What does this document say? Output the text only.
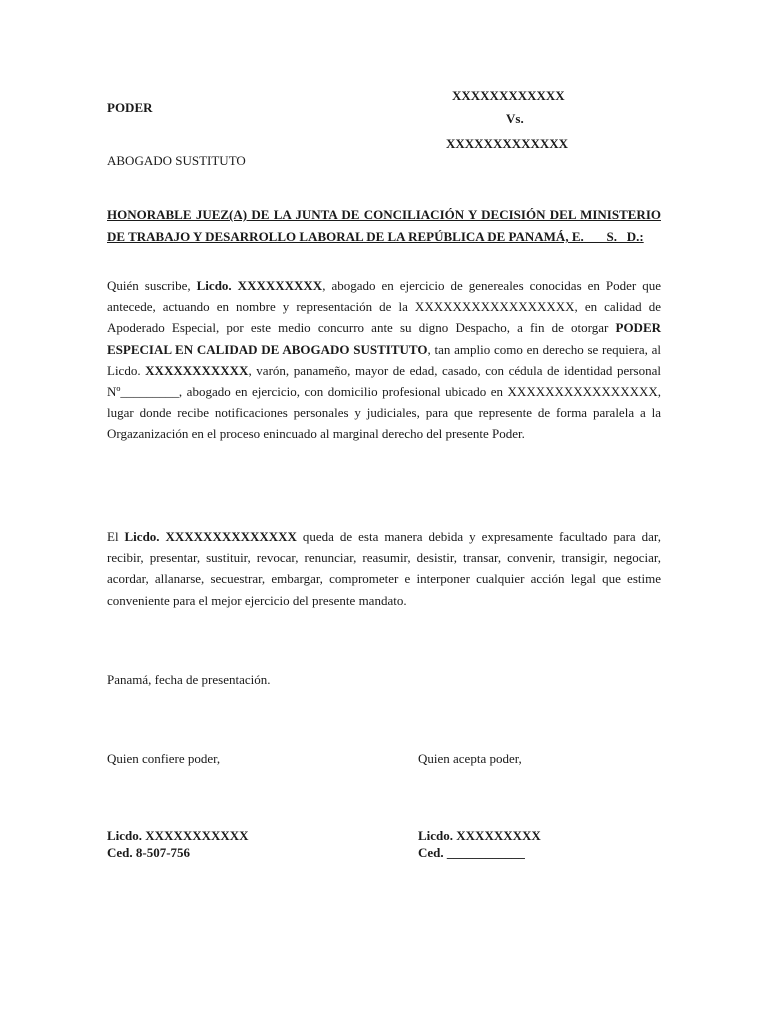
XXXXXXXXXXXX
PODER
Vs.
XXXXXXXXXXXXX
ABOGADO SUSTITUTO
HONORABLE JUEZ(A) DE LA JUNTA DE CONCILIACIÓN Y DECISIÓN DEL MINISTERIO DE TRABAJO Y DESARROLLO LABORAL DE LA REPÚBLICA DE PANAMÁ, E.       S.   D.:
Quién suscribe, Licdo. XXXXXXXXX, abogado en ejercicio de genereales conocidas en Poder que antecede, actuando en nombre y representación de la XXXXXXXXXXXXXXXXX, en calidad de Apoderado Especial, por este medio concurro ante su digno Despacho, a fin de otorgar PODER ESPECIAL EN CALIDAD DE ABOGADO SUSTITUTO, tan amplio como en derecho se requiera, al Licdo. XXXXXXXXXXX, varón, panameño, mayor de edad, casado, con cédula de identidad personal Nº_________, abogado en ejercicio, con domicilio profesional ubicado en XXXXXXXXXXXXXXXX, lugar donde recibe notificaciones personales y judiciales, para que represente de forma paralela a la Orgazanización en el proceso enincuado al marginal derecho del presente Poder.
El Licdo. XXXXXXXXXXXXXX queda de esta manera debida y expresamente facultado para dar, recibir, presentar, sustituir, revocar, renunciar, reasumir, desistir, transar, convenir, transigir, negociar, acordar, allanarse, secuestrar, embargar, comprometer e interponer cualquier acción legal que estime conveniente para el mejor ejercicio del presente mandato.
Panamá, fecha de presentación.
Quien confiere poder,	Quien acepta poder,
Licdo. XXXXXXXXXXX
Ced. 8-507-756
Licdo. XXXXXXXXX
Ced. ____________
